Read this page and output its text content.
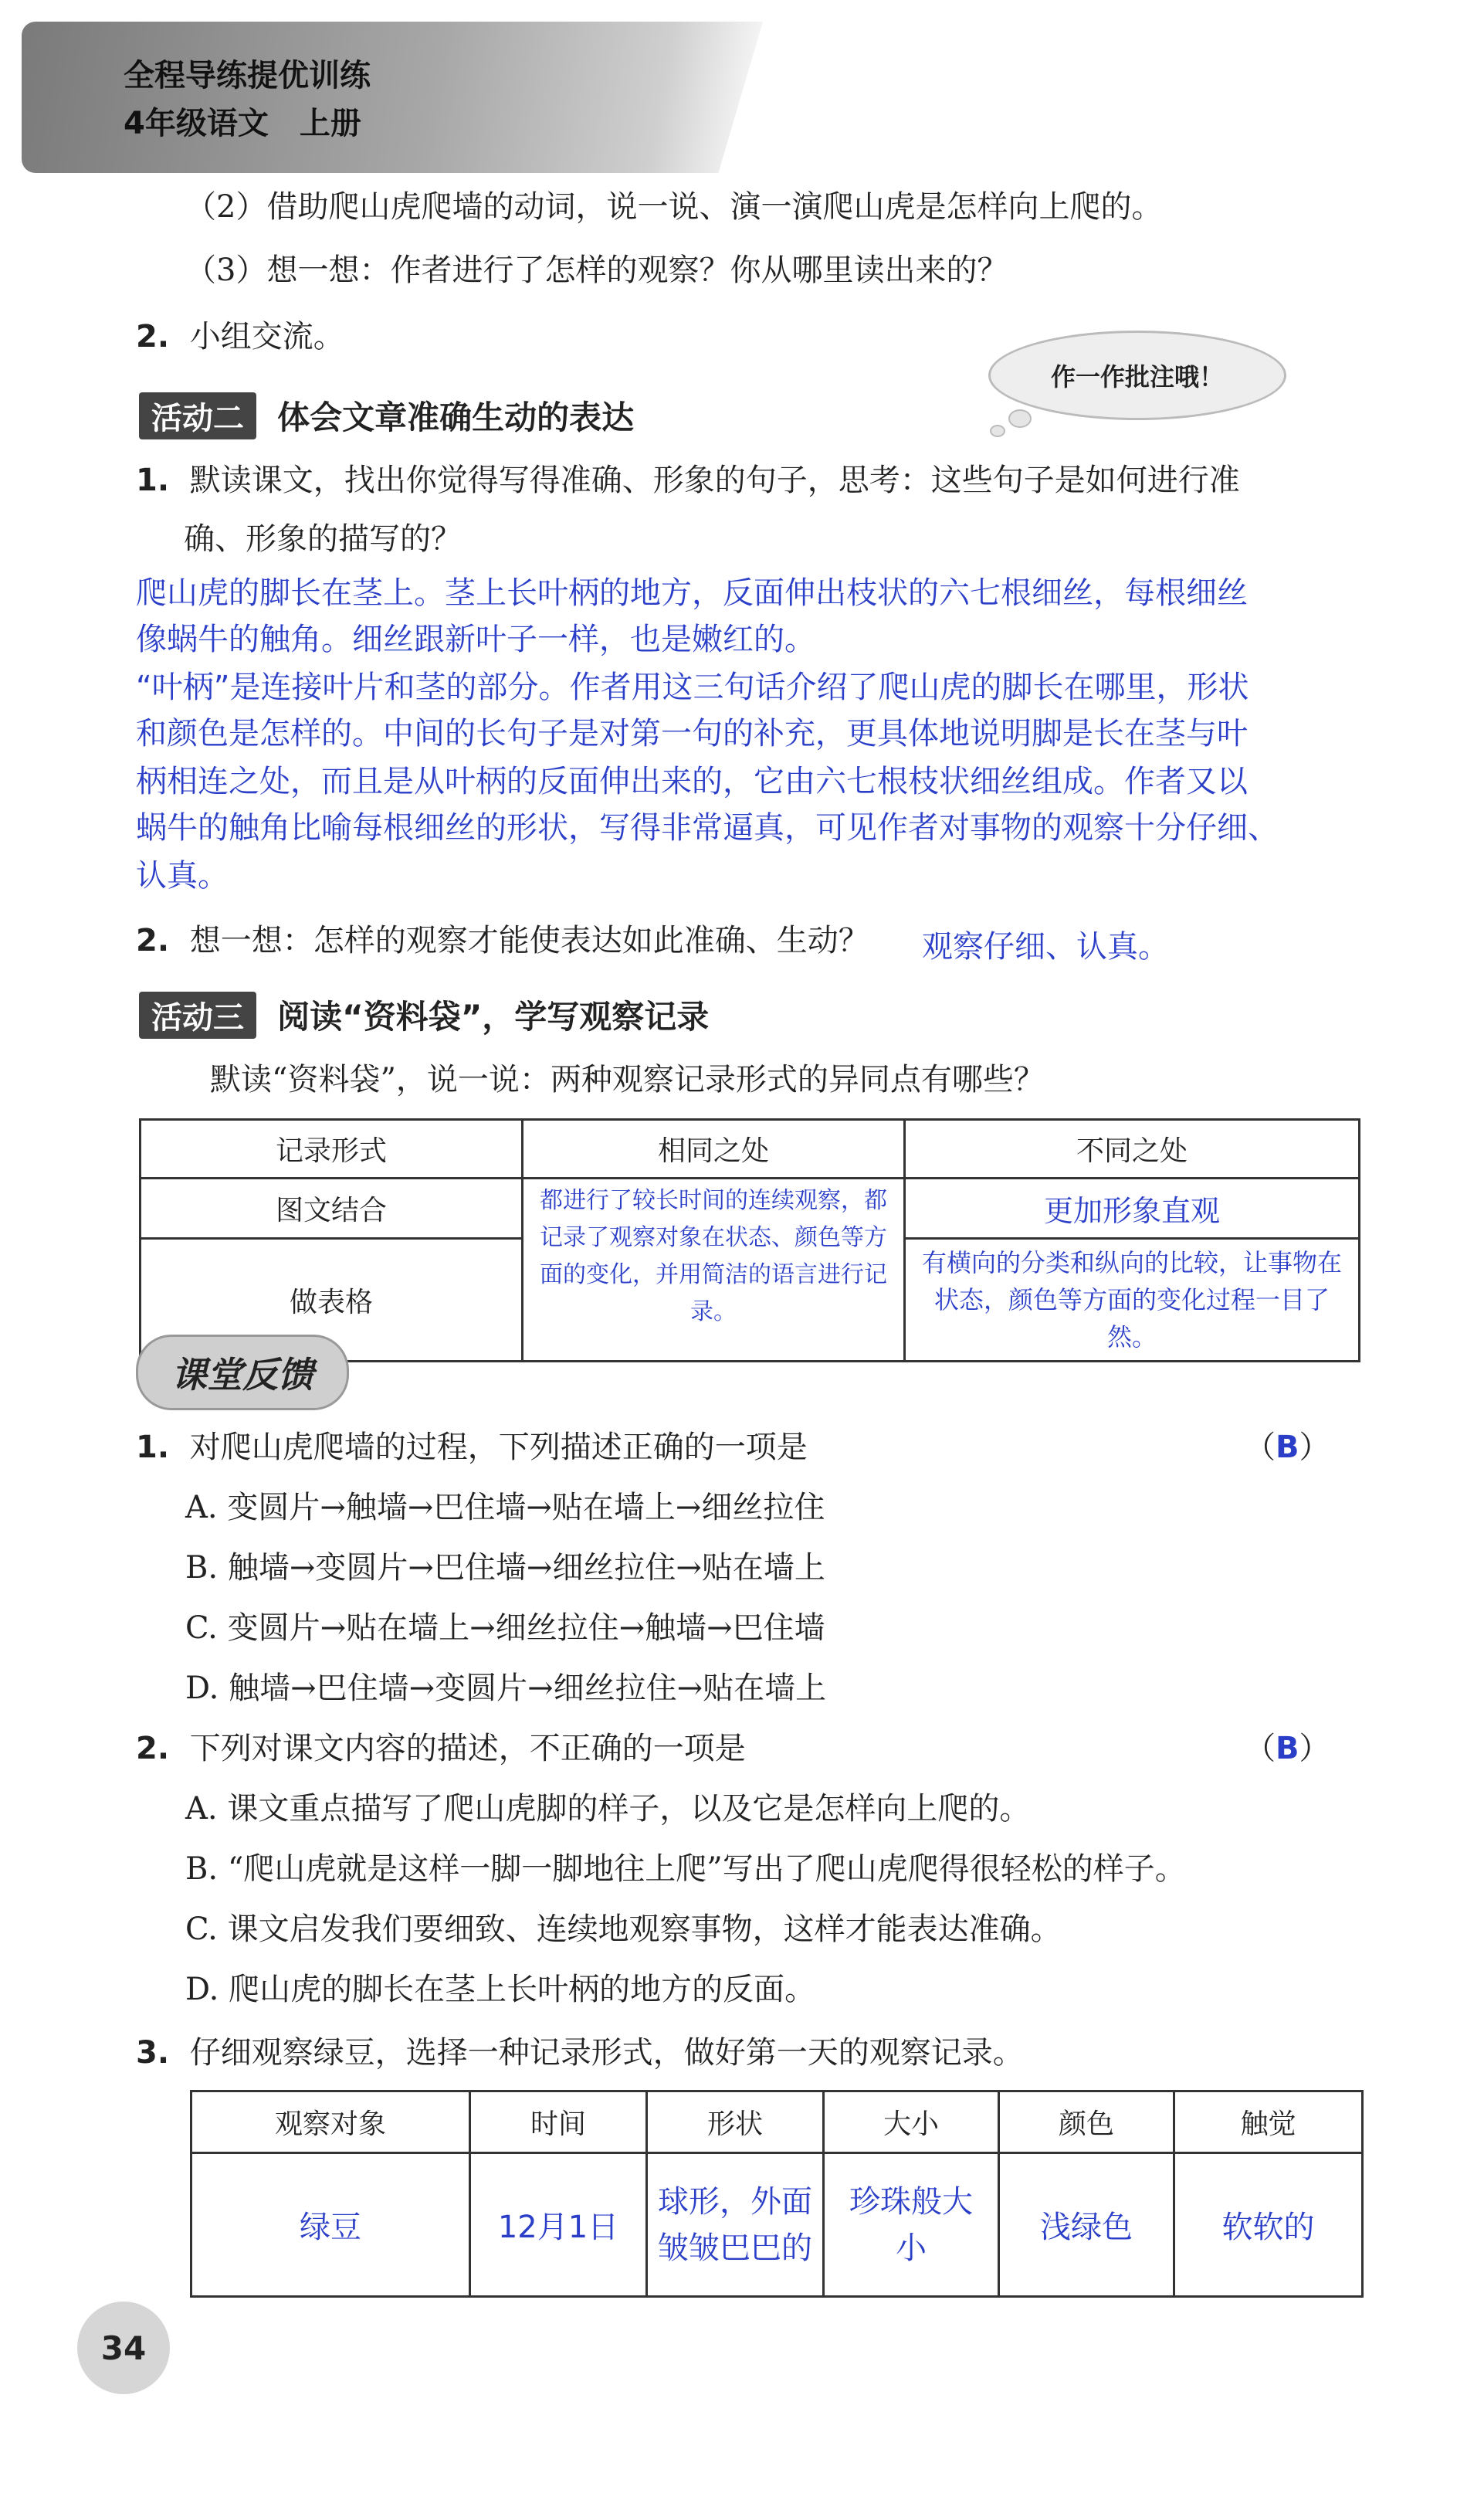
全程导练提优训练
4年级语文　上册
（2）借助爬山虎爬墙的动词，说一说、演一演爬山虎是怎样向上爬的。
（3）想一想：作者进行了怎样的观察？你从哪里读出来的？
2. 小组交流。
作一作批注哦！
活动二 体会文章准确生动的表达
1. 默读课文，找出你觉得写得准确、形象的句子，思考：这些句子是如何进行准
确、形象的描写的？
爬山虎的脚长在茎上。茎上长叶柄的地方，反面伸出枝状的六七根细丝，每根细丝
像蜗牛的触角。细丝跟新叶子一样，也是嫩红的。
“叶柄”是连接叶片和茎的部分。作者用这三句话介绍了爬山虎的脚长在哪里，形状
和颜色是怎样的。中间的长句子是对第一句的补充，更具体地说明脚是长在茎与叶
柄相连之处，而且是从叶柄的反面伸出来的，它由六七根枝状细丝组成。作者又以
蜗牛的触角比喻每根细丝的形状，写得非常逼真，可见作者对事物的观察十分仔细、
认真。
2. 想一想：怎样的观察才能使表达如此准确、生动？ 观察仔细、认真。
活动三 阅读“资料袋”，学写观察记录
默读“资料袋”，说一说：两种观察记录形式的异同点有哪些？
记录形式	相同之处	不同之处
图文结合	都进行了较长时间的连续观察，都记录了观察对象在状态、颜色等方面的变化，并用简洁的语言进行记录。	更加形象直观
做表格		有横向的分类和纵向的比较，让事物在状态，颜色等方面的变化过程一目了然。
课堂反馈
1. 对爬山虎爬墙的过程，下列描述正确的一项是	（B）
A. 变圆片→触墙→巴住墙→贴在墙上→细丝拉住
B. 触墙→变圆片→巴住墙→细丝拉住→贴在墙上
C. 变圆片→贴在墙上→细丝拉住→触墙→巴住墙
D. 触墙→巴住墙→变圆片→细丝拉住→贴在墙上
2. 下列对课文内容的描述，不正确的一项是	（B）
A. 课文重点描写了爬山虎脚的样子，以及它是怎样向上爬的。
B. “爬山虎就是这样一脚一脚地往上爬”写出了爬山虎爬得很轻松的样子。
C. 课文启发我们要细致、连续地观察事物，这样才能表达准确。
D. 爬山虎的脚长在茎上长叶柄的地方的反面。
3. 仔细观察绿豆，选择一种记录形式，做好第一天的观察记录。
观察对象	时间	形状	大小	颜色	触觉
绿豆	12月1日	球形，外面皱皱巴巴的	珍珠般大小	浅绿色	软软的
34
